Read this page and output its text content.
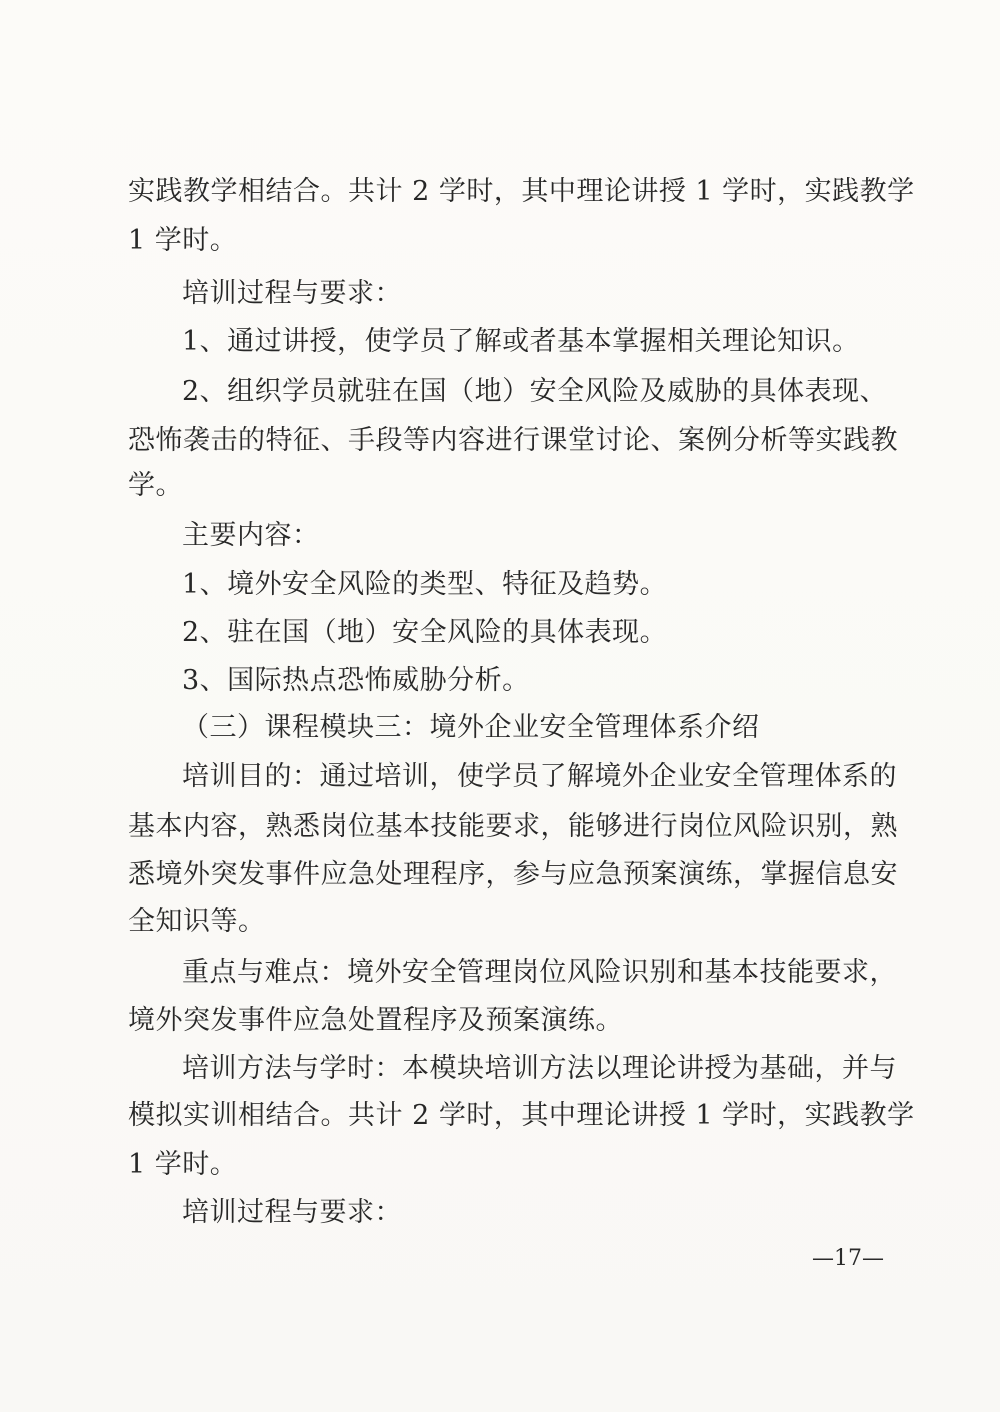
实践教学相结合。共计 2 学时，其中理论讲授 1 学时，实践教学
1 学时。
培训过程与要求：
1、通过讲授，使学员了解或者基本掌握相关理论知识。
2、组织学员就驻在国（地）安全风险及威胁的具体表现、
恐怖袭击的特征、手段等内容进行课堂讨论、案例分析等实践教
学。
主要内容：
1、境外安全风险的类型、特征及趋势。
2、驻在国（地）安全风险的具体表现。
3、国际热点恐怖威胁分析。
（三）课程模块三：境外企业安全管理体系介绍
培训目的：通过培训，使学员了解境外企业安全管理体系的
基本内容，熟悉岗位基本技能要求，能够进行岗位风险识别，熟
悉境外突发事件应急处理程序，参与应急预案演练，掌握信息安
全知识等。
重点与难点：境外安全管理岗位风险识别和基本技能要求，
境外突发事件应急处置程序及预案演练。
培训方法与学时：本模块培训方法以理论讲授为基础，并与
模拟实训相结合。共计 2 学时，其中理论讲授 1 学时，实践教学
1 学时。
培训过程与要求：
—17—
